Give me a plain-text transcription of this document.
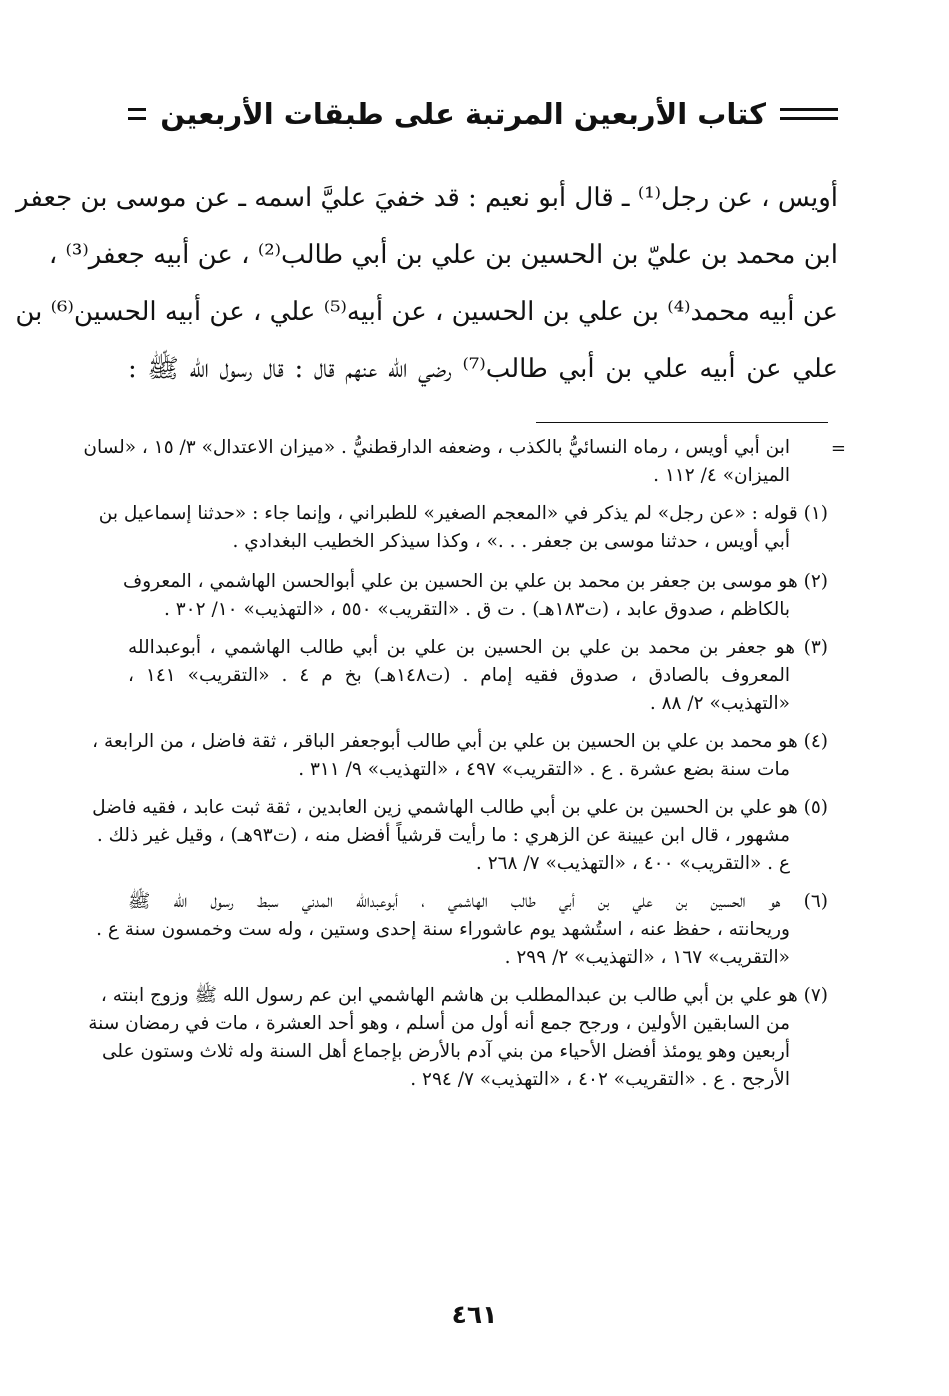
كتاب الأربعين المرتبة على طبقات الأربعين
أويس ، عن رجل⁽¹⁾ ـ قال أبو نعيم : قد خفيَ عليَّ اسمه ـ عن موسى بن جعفر
ابن محمد بن عليّ بن الحسين بن علي بن أبي طالب⁽²⁾ ، عن أبيه جعفر⁽³⁾ ،
عن أبيه محمد⁽⁴⁾ بن علي بن الحسين ، عن أبيه⁽⁵⁾ علي ، عن أبيه الحسين⁽⁶⁾ بن
علي عن أبيه علي بن أبي طالب⁽⁷⁾ رضي الله عنهم قال : قال رسول الله ﷺ :
=
ابن أبي أويس ، رماه النسائيُّ بالكذب ، وضعفه الدارقطنيُّ . «ميزان الاعتدال» ٣/ ١٥ ، «لسان
الميزان» ٤/ ١١٢ .
(١) قوله : «عن رجل» لم يذكر في «المعجم الصغير» للطبراني ، وإنما جاء : «حدثنا إسماعيل بن
أبي أويس ، حدثنا موسى بن جعفر . . .» ، وكذا سيذكر الخطيب البغدادي .
(٢) هو موسى بن جعفر بن محمد بن علي بن الحسين بن علي أبوالحسن الهاشمي ، المعروف
بالكاظم ، صدوق عابد ، (ت١٨٣هـ) . ت ق . «التقريب» ٥٥٠ ، «التهذيب» ١٠/ ٣٠٢ .
(٣) هو جعفر بن محمد بن علي بن الحسين بن علي بن أبي طالب الهاشمي ، أبوعبدالله
المعروف بالصادق ، صدوق فقيه إمام . (ت١٤٨هـ) بخ م ٤ . «التقريب» ١٤١ ،
«التهذيب» ٢/ ٨٨ .
(٤) هو محمد بن علي بن الحسين بن علي بن أبي طالب أبوجعفر الباقر ، ثقة فاضل ، من الرابعة ،
مات سنة بضع عشرة . ع . «التقريب» ٤٩٧ ، «التهذيب» ٩/ ٣١١ .
(٥) هو علي بن الحسين بن علي بن أبي طالب الهاشمي زين العابدين ، ثقة ثبت عابد ، فقيه فاضل
مشهور ، قال ابن عيينة عن الزهري : ما رأيت قرشياً أفضل منه ، (ت٩٣هـ) ، وقيل غير ذلك .
ع . «التقريب» ٤٠٠ ، «التهذيب» ٧/ ٢٦٨ .
(٦) هو الحسين بن علي بن أبي طالب الهاشمي ، أبوعبدالله المدني سبط رسول الله ﷺ
وريحانته ، حفظ عنه ، استُشهد يوم عاشوراء سنة إحدى وستين ، وله ست وخمسون سنة ع .
«التقريب» ١٦٧ ، «التهذيب» ٢/ ٢٩٩ .
(٧) هو علي بن أبي طالب بن عبدالمطلب بن هاشم الهاشمي ابن عم رسول الله ﷺ وزوج ابنته ،
من السابقين الأولين ، ورجح جمع أنه أول من أسلم ، وهو أحد العشرة ، مات في رمضان سنة
أربعين وهو يومئذ أفضل الأحياء من بني آدم بالأرض بإجماع أهل السنة وله ثلاث وستون على
الأرجح . ع . «التقريب» ٤٠٢ ، «التهذيب» ٧/ ٢٩٤ .
٤٦١
